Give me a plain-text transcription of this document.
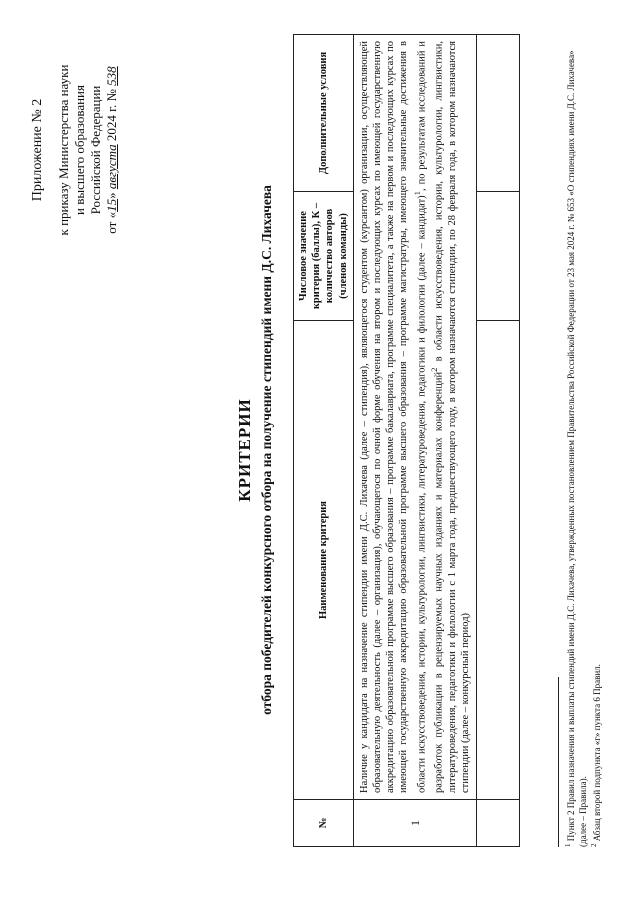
Приложение № 2 к приказу Министерства науки и высшего образования Российской Федерации
от «15» августа 2024 г. № 538
КРИТЕРИИ отбора победителей конкурсного отбора на получение стипендий имени Д.С. Лихачева
№	Наименование критерия	Числовое значение критерия (баллы), К – количество авторов (членов команды)	Дополнительные условия
1	Наличие у кандидата на назначение стипендии имени Д.С. Лихачева (далее – стипендия), являющегося студентом (курсантом) организации, осуществляющей образовательную деятельность (далее – организация), обучающегося по очной форме обучения на втором и последующих курсах по имеющей государственную аккредитацию образовательной программе высшего образования – программе бакалавриата, программе специалитета, а также на первом и последующих курсах по имеющей государственную аккредитацию образовательной программе высшего образования – программе магистратуры, имеющего значительные достижения в области искусствоведения, истории, культурологии, лингвистики, литературоведения, педагогики и филологии (далее – кандидат)$^1$, по результатам исследований и разработок публикации в рецензируемых научных изданиях и материалах конференций$^2$ в области искусствоведения, истории, культурологии, лингвистики, литературоведения, педагогики и филологии с 1 марта года, предшествующего году, в котором назначаются стипендии, по 28 февраля года, в котором назначаются стипендии (далее – конкурсный период)		

$^1$ Пункт 2 Правил назначения и выплаты стипендий имени Д.С. Лихачева, утвержденных постановлением Правительства Российской Федерации от 23 мая 2024 г. № 653 «О стипендиях имени Д.С. Лихачева» (далее – Правила). $^2$ Абзац второй подпункта «г» пункта 6 Правил.
